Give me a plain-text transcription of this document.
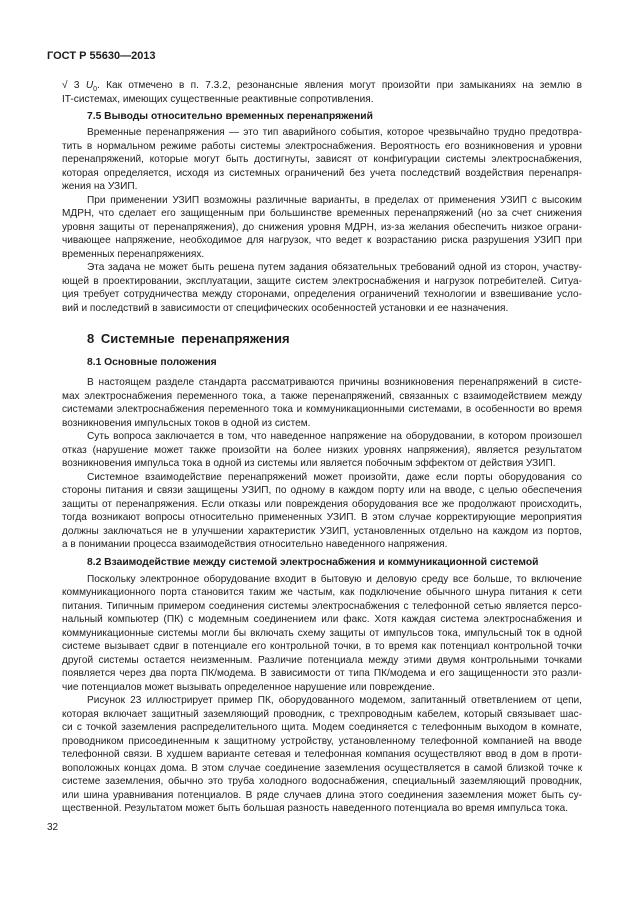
ГОСТ Р 55630—2013
√ 3 $U_0$. Как отмечено в п. 7.3.2, резонансные явления могут произойти при замыканиях на землю в
IT-системах, имеющих существенные реактивные сопротивления.
7.5 Выводы относительно временных перенапряжений
Временные перенапряжения — это тип аварийного события, которое чрезвычайно трудно предотвра-
тить в нормальном режиме работы системы электроснабжения. Вероятность его возникновения и уровни
перенапряжений, которые могут быть достигнуты, зависят от конфигурации системы электроснабжения,
которая определяется, исходя из системных ограничений без учета последствий воздействия перенапря-
жения на УЗИП.
При применении УЗИП возможны различные варианты, в пределах от применения УЗИП с высоким
МДРН, что сделает его защищенным при большинстве временных перенапряжений (но за счет снижения
уровня защиты от перенапряжения), до снижения уровня МДРН, из-за желания обеспечить низкое ограни-
чивающее напряжение, необходимое для нагрузок, что ведет к возрастанию риска разрушения УЗИП при
временных перенапряжениях.
Эта задача не может быть решена путем задания обязательных требований одной из сторон, участву-
ющей в проектировании, эксплуатации, защите систем электроснабжения и нагрузок потребителей. Ситуа-
ция требует сотрудничества между сторонами, определения ограничений технологии и взвешивание усло-
вий и последствий в зависимости от специфических особенностей установки и ее назначения.
8 Системные перенапряжения
8.1 Основные положения
В настоящем разделе стандарта рассматриваются причины возникновения перенапряжений в систе-
мах электроснабжения переменного тока, а также перенапряжений, связанных с взаимодействием между
системами электроснабжения переменного тока и коммуникационными системами, в особенности во время
возникновения импульсных токов в одной из систем.
Суть вопроса заключается в том, что наведенное напряжение на оборудовании, в котором произошел
отказ (нарушение может также произойти на более низких уровнях напряжения), является результатом
возникновения импульса тока в одной из системы или является побочным эффектом от действия УЗИП.
Системное взаимодействие перенапряжений может произойти, даже если порты оборудования со
стороны питания и связи защищены УЗИП, по одному в каждом порту или на вводе, с целью обеспечения
защиты от перенапряжения. Если отказы или повреждения оборудования все же продолжают происходить,
тогда возникают вопросы относительно примененных УЗИП. В этом случае корректирующие мероприятия
должны заключаться не в улучшении характеристик УЗИП, установленных отдельно на каждом из портов,
а в понимании процесса взаимодействия относительно наведенного напряжения.
8.2 Взаимодействие между системой электроснабжения и коммуникационной системой
Поскольку электронное оборудование входит в бытовую и деловую среду все больше, то включение
коммуникационного порта становится таким же частым, как подключение обычного шнура питания к сети
питания. Типичным примером соединения системы электроснабжения с телефонной сетью является персо-
нальный компьютер (ПК) с модемным соединением или факс. Хотя каждая система электроснабжения и
коммуникационные системы могли бы включать схему защиты от импульсов тока, импульсный ток в одной
системе вызывает сдвиг в потенциале его контрольной точки, в то время как потенциал контрольной точки
другой системы остается неизменным. Различие потенциала между этими двумя контрольными точками
появляется через два порта ПК/модема. В зависимости от типа ПК/модема и его защищенности это разли-
чие потенциалов может вызывать определенное нарушение или повреждение.
Рисунок 23 иллюстрирует пример ПК, оборудованного модемом, запитанный ответвлением от цепи,
которая включает защитный заземляющий проводник, с трехпроводным кабелем, который связывает шас-
си с точкой заземления распределительного щита. Модем соединяется с телефонным выходом в комнате,
проводником присоединенным к защитному устройству, установленному телефонной компанией на вводе
телефонной связи. В худшем варианте сетевая и телефонная компания осуществляют ввод в дом в проти-
воположных концах дома. В этом случае соединение заземления осуществляется в самой близкой точке к
системе заземления, обычно это труба холодного водоснабжения, специальный заземляющий проводник,
или шина уравнивания потенциалов. В ряде случаев длина этого соединения заземления может быть су-
щественной. Результатом может быть большая разность наведенного потенциала во время импульса тока.
32
